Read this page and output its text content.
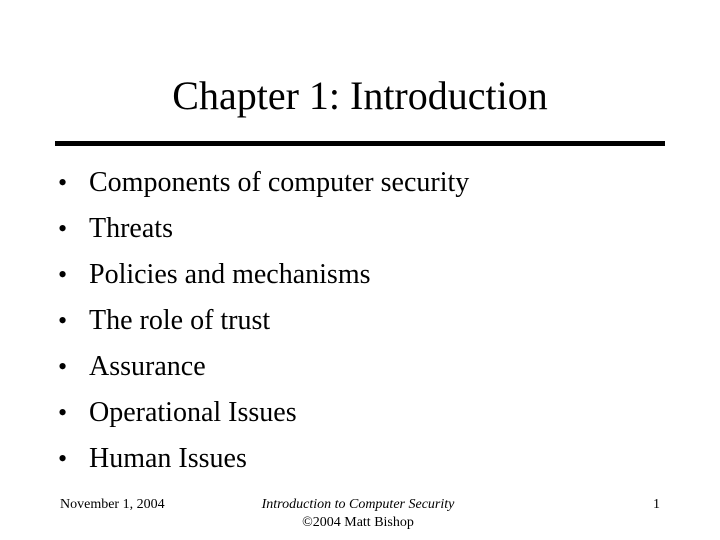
Chapter 1: Introduction
• Components of computer security
• Threats
• Policies and mechanisms
• The role of trust
• Assurance
• Operational Issues
• Human Issues
November 1, 2004	Introduction to Computer Security
©2004 Matt Bishop
1
